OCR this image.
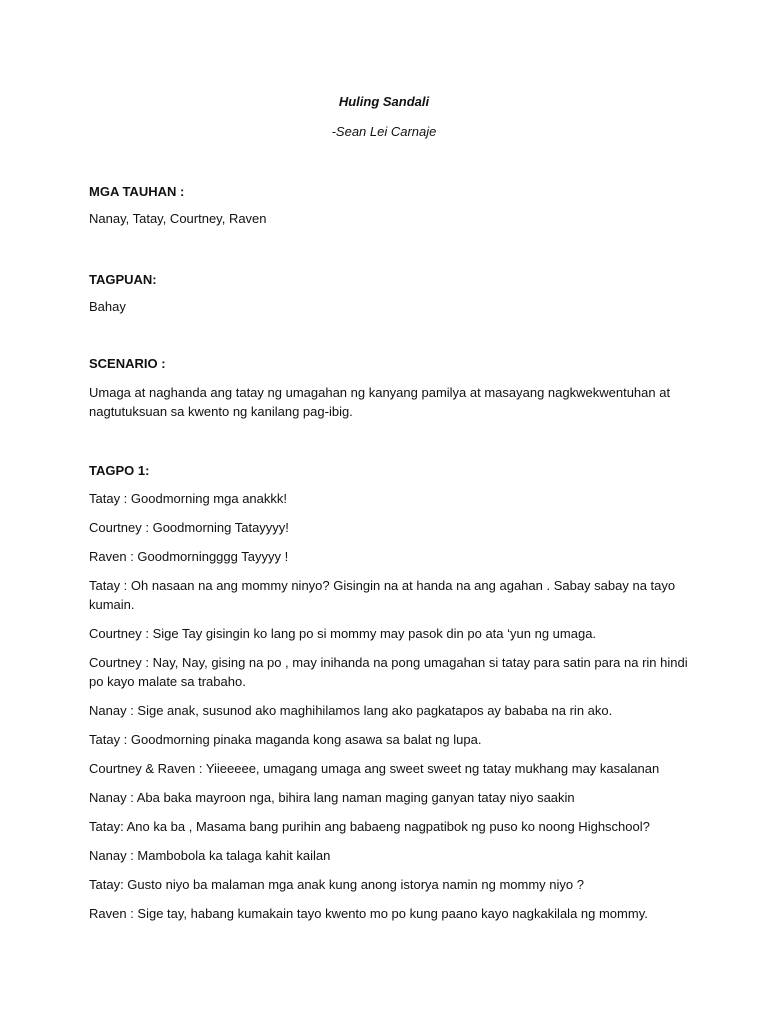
Huling Sandali
-Sean Lei Carnaje
MGA TAUHAN :
Nanay, Tatay, Courtney, Raven
TAGPUAN:
Bahay
SCENARIO :
Umaga at naghanda ang tatay ng umagahan ng kanyang pamilya at masayang nagkwekwentuhan at
nagtutuksuan sa kwento ng kanilang pag-ibig.
TAGPO 1:
Tatay : Goodmorning mga anakkk!
Courtney : Goodmorning Tatayyyy!
Raven : Goodmorningggg Tayyyy !
Tatay : Oh nasaan na ang mommy ninyo? Gisingin na at handa na ang agahan . Sabay sabay na tayo
kumain.
Courtney : Sige Tay gisingin ko lang po si mommy may pasok din po ata ‘yun ng umaga.
Courtney : Nay, Nay, gising na po , may inihanda na pong umagahan si tatay para satin para na rin hindi
po kayo malate sa trabaho.
Nanay : Sige anak, susunod ako maghihilamos lang ako pagkatapos ay bababa na rin ako.
Tatay : Goodmorning pinaka maganda kong asawa sa balat ng lupa.
Courtney & Raven : Yiieeeee, umagang umaga ang sweet sweet ng tatay mukhang may kasalanan
Nanay : Aba baka mayroon nga, bihira lang naman maging ganyan tatay niyo saakin
Tatay: Ano ka ba , Masama bang purihin ang babaeng nagpatibok ng puso ko noong Highschool?
Nanay : Mambobola ka talaga kahit kailan
Tatay: Gusto niyo ba malaman mga anak kung anong istorya namin ng mommy niyo ?
Raven : Sige tay, habang kumakain tayo kwento mo po kung paano kayo nagkakilala ng mommy.
